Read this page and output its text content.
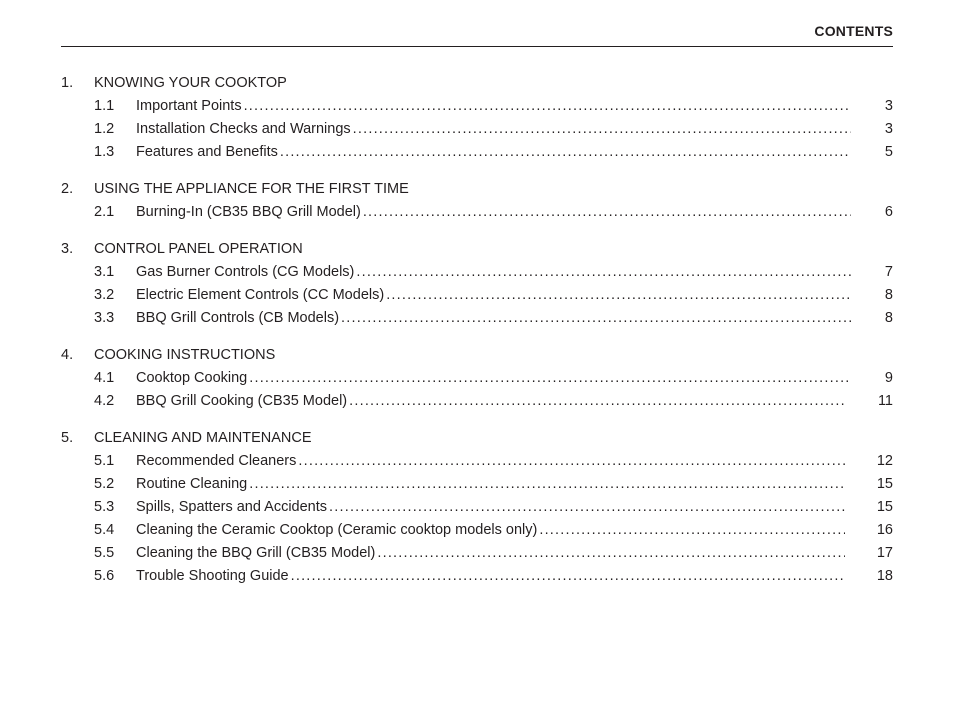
CONTENTS
1.	KNOWING YOUR COOKTOP
1.1	Important Points .....	3
1.2	Installation Checks and Warnings .....	3
1.3	Features and Benefits .....	5
2.	USING THE APPLIANCE FOR THE FIRST TIME
2.1	Burning-In (CB35 BBQ Grill Model) .....	6
3.	CONTROL PANEL OPERATION
3.1	Gas Burner Controls (CG Models) .....	7
3.2	Electric Element Controls (CC Models) .....	8
3.3	BBQ Grill Controls (CB Models) .....	8
4.	COOKING INSTRUCTIONS
4.1	Cooktop Cooking .....	9
4.2	BBQ Grill Cooking (CB35 Model) .....	11
5.	CLEANING AND MAINTENANCE
5.1	Recommended Cleaners .....	12
5.2	Routine Cleaning .....	15
5.3	Spills, Spatters and Accidents .....	15
5.4	Cleaning the Ceramic Cooktop (Ceramic cooktop models only) .....	16
5.5	Cleaning the BBQ Grill (CB35 Model) .....	17
5.6	Trouble Shooting Guide .....	18
